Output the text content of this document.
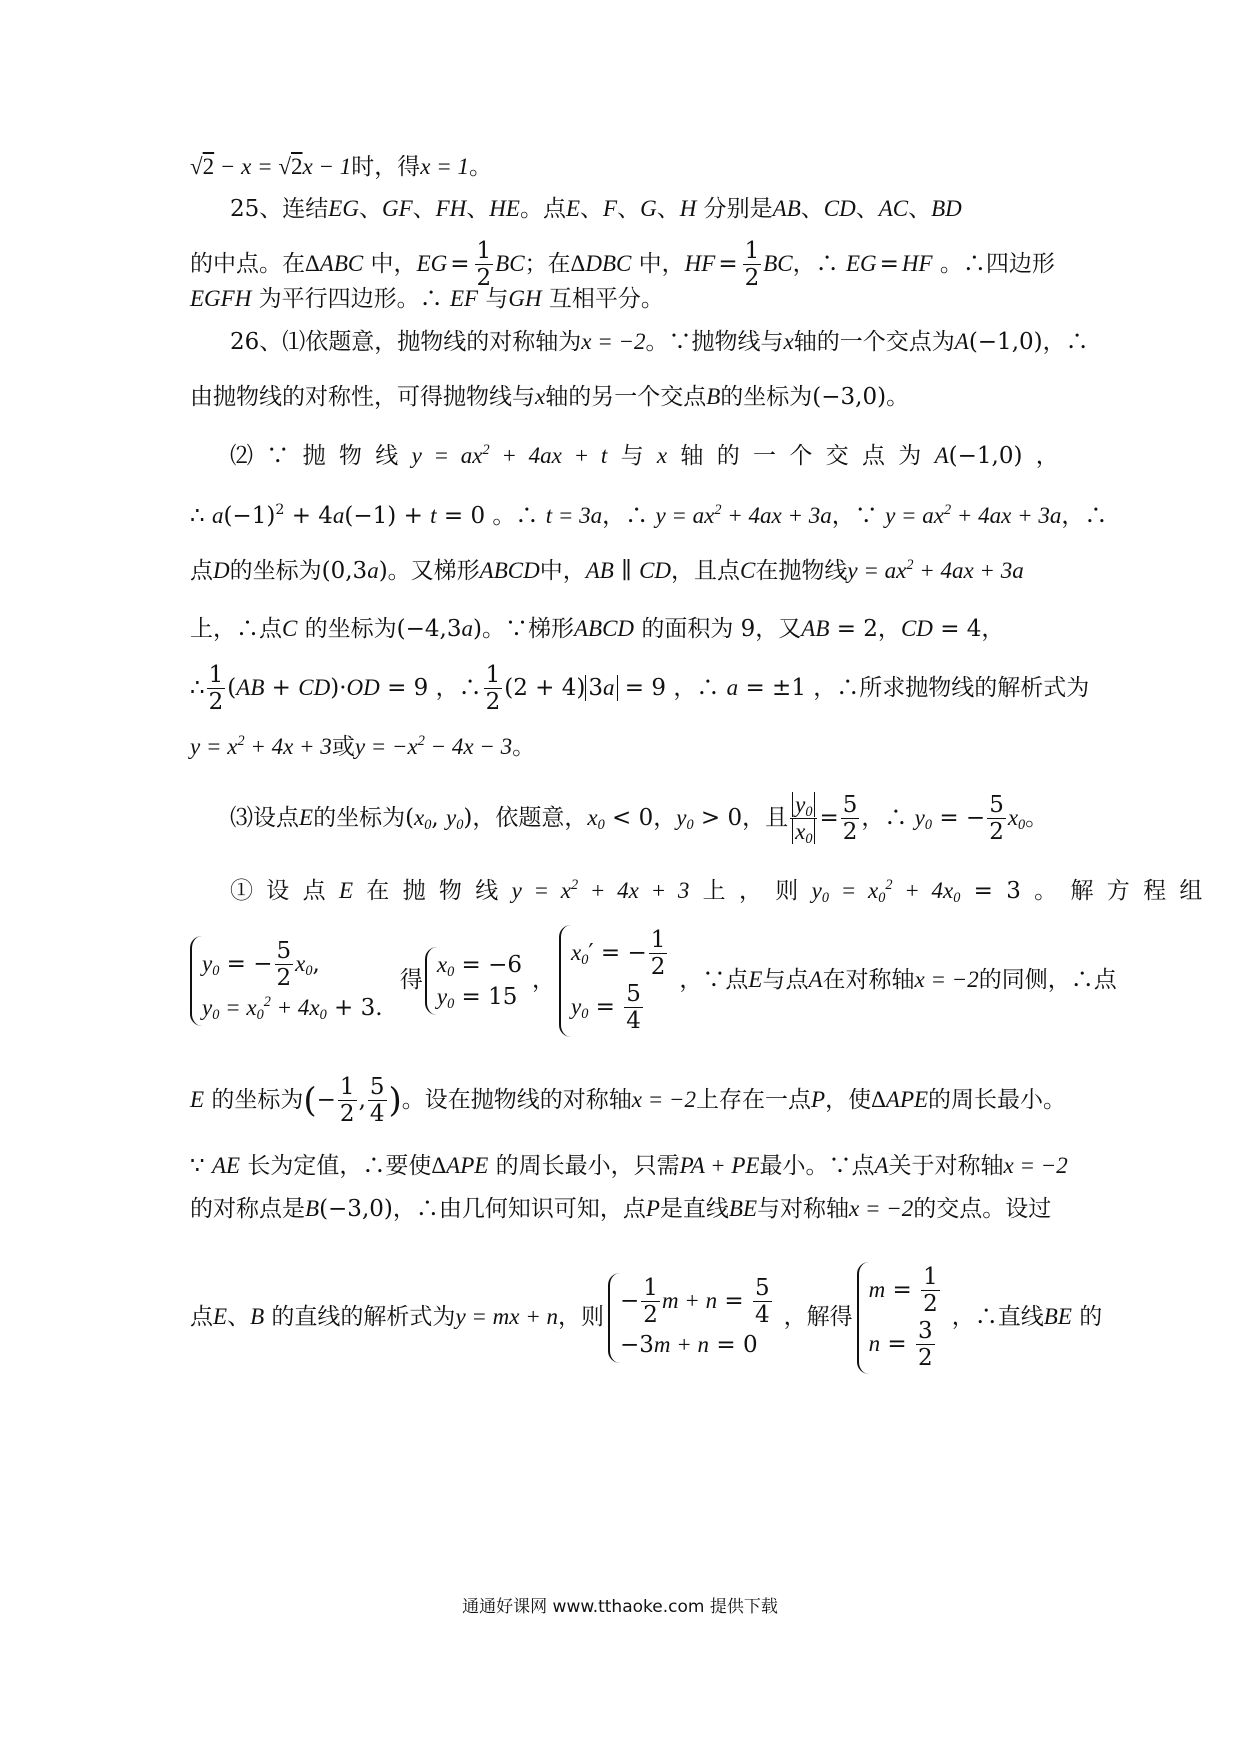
√2 − x = √2x − 1时，得x = 1。
25、连结EG、GF、FH、HE。点E、F、G、H 分别是AB、CD、AC、BD
的中点。在ΔABC 中，EG = $\frac{1}{2}$ BC；在ΔDBC 中，HF = $\frac{1}{2}$ BC，∴ EG = HF 。∴四边形
EGFH 为平行四边形。∴ EF 与GH 互相平分。
26、⑴依题意，抛物线的对称轴为x = −2。∵抛物线与x轴的一个交点为A(−1,0)，∴
由抛物线的对称性，可得抛物线与x轴的另一个交点B的坐标为(−3,0)。
⑵ ∵ 抛 物 线 $y = ax^2 + 4ax + t$ 与 x 轴 的 一 个 交 点 为 A(−1,0) ，
∴ $a(-1)^2 + 4a(-1) + t = 0$ 。∴ t = 3a，∴ $y = ax^2 + 4ax + 3a$，∵ $y = ax^2 + 4ax + 3a$，∴
点D的坐标为(0,3a)。又梯形ABCD中，AB ∥ CD，且点C在抛物线$y = ax^2 + 4ax + 3a$
上，∴点C 的坐标为(−4,3a)。∵梯形ABCD 的面积为 9，又AB = 2，CD = 4，
∴ $\frac{1}{2} (AB + CD)\cdot OD = 9$ ，∴ $\frac{1}{2} (2 + 4) 3a = 9$ ，∴ a = ±1 ，∴所求抛物线的解析式为
$y = x^2 + 4x + 3$或$y = -x^2 - 4x - 3$。
⑶设点E的坐标为($x_0$, $y_0$)，依题意，$x_0 < 0$，$y_0 > 0$，且 $\frac{y_0}{x_0} = \frac{5}{2}$ ，∴ $y_0$ = − $\frac{5}{2} x_0$。
① 设 点 E 在 抛 物 线 $y = x^2 + 4x + 3$ 上 ， 则 $y_0 = x_0^2 + 4x_0 = 3$ 。 解 方 程 组
$y_0$ = − $\frac{5}{2} x_0$,
$y_0 = x_0^2 + 4x_0 + 3$.
得
$x_0 = -6$
$y_0 = 15$
，
$x_0'$ = − $\frac{1}{2}$
$y_0 = \frac{5}{4}$
，∵点E与点A在对称轴x = −2的同侧，∴点
E 的坐标为(− $\frac{1}{2}$ , $\frac{5}{4}$ )。设在抛物线的对称轴x = −2上存在一点P，使ΔAPE的周长最小。
∵ AE 长为定值，∴要使ΔAPE 的周长最小，只需PA + PE最小。∵点A关于对称轴x = −2
的对称点是B(−3,0)，∴由几何知识可知，点P是直线BE与对称轴x = −2的交点。设过
点E、B 的直线的解析式为y = mx + n，则
− $\frac{1}{2}$ $m + n = \frac{5}{4}$
−3m + n = 0
，解得
$m = \frac{1}{2}$
$n = \frac{3}{2}$
，∴直线BE 的
通通好课网 www.tthaoke.com 提供下载
